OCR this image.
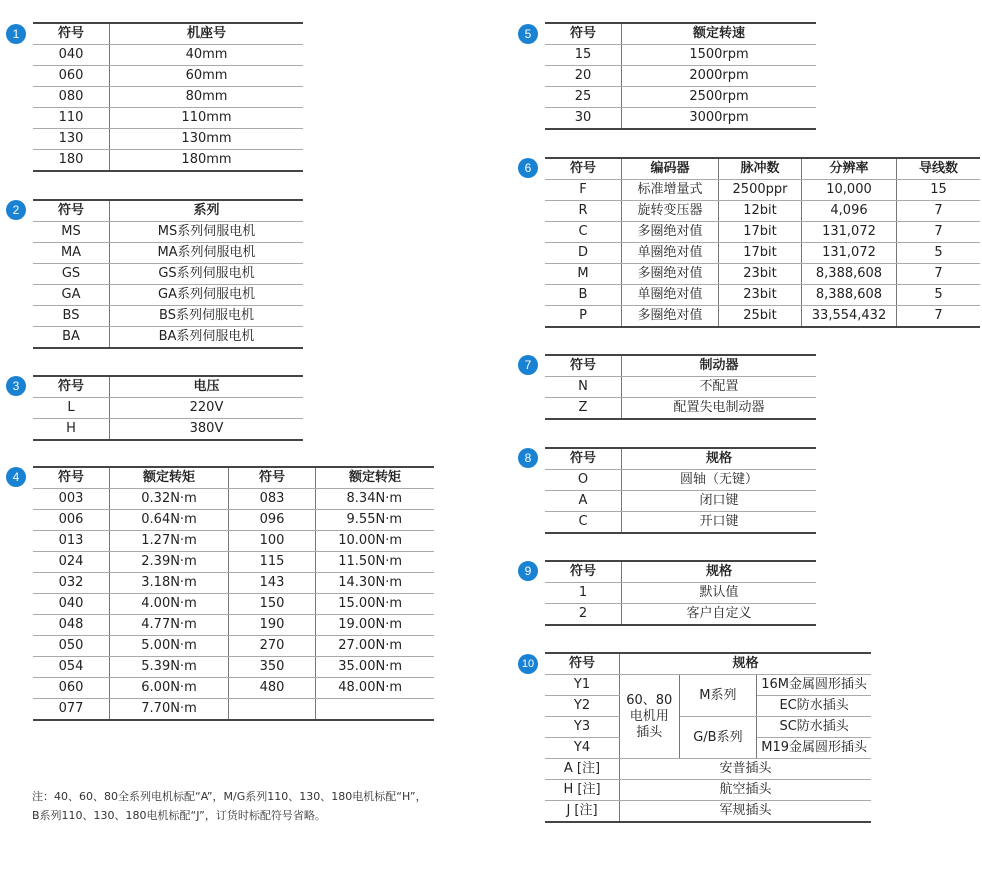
1
2
3
4
5
6
7
8
9
10
符号	机座号
040	40mm
060	60mm
080	80mm
110	110mm
130	130mm
180	180mm
符号	系列
MS	MS系列伺服电机
MA	MA系列伺服电机
GS	GS系列伺服电机
GA	GA系列伺服电机
BS	BS系列伺服电机
BA	BA系列伺服电机
符号	电压
L	220V
H	380V
符号	额定转矩	符号	额定转矩
003	0.32N·m	083	8.34N·m
006	0.64N·m	096	9.55N·m
013	1.27N·m	100	10.00N·m
024	2.39N·m	115	11.50N·m
032	3.18N·m	143	14.30N·m
040	4.00N·m	150	15.00N·m
048	4.77N·m	190	19.00N·m
050	5.00N·m	270	27.00N·m
054	5.39N·m	350	35.00N·m
060	6.00N·m	480	48.00N·m
077	7.70N·m		
注：40、60、80全系列电机标配“A”，M/G系列110、130、180电机标配“H”，
B系列110、130、180电机标配“J”，订货时标配符号省略。
符号	额定转速
15	1500rpm
20	2000rpm
25	2500rpm
30	3000rpm
符号	编码器	脉冲数	分辨率	导线数
F	标准增量式	2500ppr	10,000	15
R	旋转变压器	12bit	4,096	7
C	多圈绝对值	17bit	131,072	7
D	单圈绝对值	17bit	131,072	5
M	多圈绝对值	23bit	8,388,608	7
B	单圈绝对值	23bit	8,388,608	5
P	多圈绝对值	25bit	33,554,432	7
符号	制动器
N	不配置
Z	配置失电制动器
符号	规格
O	圆轴（无键）
A	闭口键
C	开口键
符号	规格
1	默认值
2	客户自定义
符号	规格		
Y1	60、80电机用插头	M系列	16M金属圆形插头
Y2			EC防水插头
Y3		G/B系列	SC防水插头
Y4			M19金属圆形插头
A [注]	安普插头		
H [注]	航空插头		
J [注]	军规插头		
